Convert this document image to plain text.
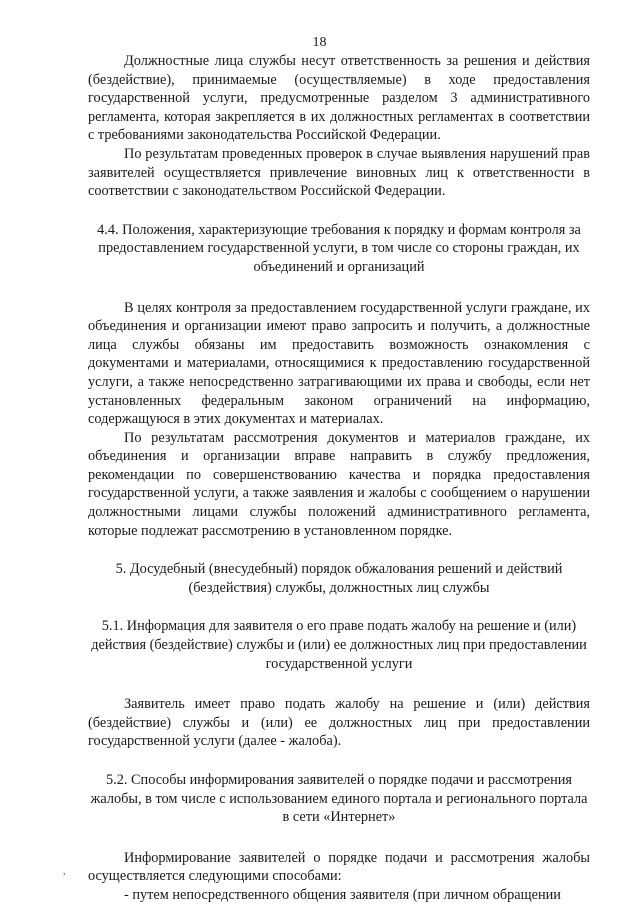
18

Должностные лица службы несут ответственность за решения и действия (бездействие), принимаемые (осуществляемые) в ходе предоставления государственной услуги, предусмотренные разделом 3 административного регламента, которая закрепляется в их должностных регламентах в соответствии с требованиями законодательства Российской Федерации.

По результатам проведенных проверок в случае выявления нарушений прав заявителей осуществляется привлечение виновных лиц к ответственности в соответствии с законодательством Российской Федерации.

4.4. Положения, характеризующие требования к порядку и формам контроля за предоставлением государственной услуги, в том числе со стороны граждан, их объединений и организаций

В целях контроля за предоставлением государственной услуги граждане, их объединения и организации имеют право запросить и получить, а должностные лица службы обязаны им предоставить возможность ознакомления с документами и материалами, относящимися к предоставлению государственной услуги, а также непосредственно затрагивающими их права и свободы, если нет установленных федеральным законом ограничений на информацию, содержащуюся в этих документах и материалах.

По результатам рассмотрения документов и материалов граждане, их объединения и организации вправе направить в службу предложения, рекомендации по совершенствованию качества и порядка предоставления государственной услуги, а также заявления и жалобы с сообщением о нарушении должностными лицами службы положений административного регламента, которые подлежат рассмотрению в установленном порядке.

5. Досудебный (внесудебный) порядок обжалования решений и действий (бездействия) службы, должностных лиц службы
5.1. Информация для заявителя о его праве подать жалобу на решение и (или) действия (бездействие) службы и (или) ее должностных лиц при предоставлении государственной услуги

Заявитель имеет право подать жалобу на решение и (или) действия (бездействие) службы и (или) ее должностных лиц при предоставлении государственной услуги (далее - жалоба).

5.2. Способы информирования заявителей о порядке подачи и рассмотрения жалобы, в том числе с использованием единого портала и регионального портала в сети «Интернет»

Информирование заявителей о порядке подачи и рассмотрения жалобы осуществляется следующими способами:

- путем непосредственного общения заявителя (при личном обращении

,
